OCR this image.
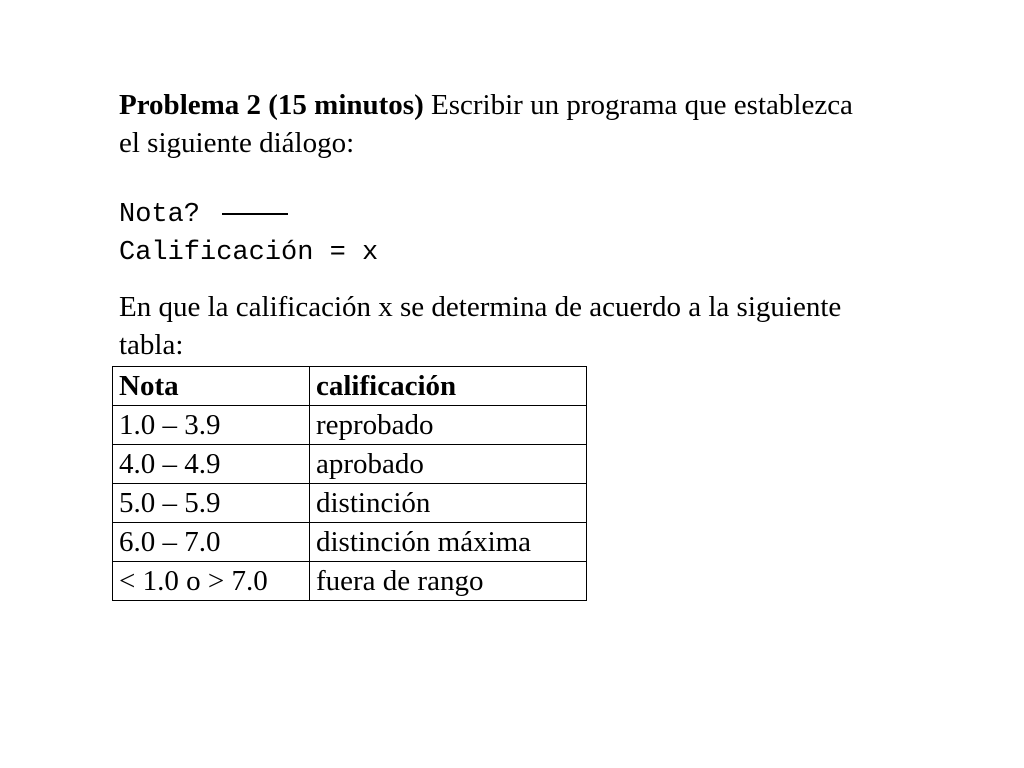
Problema 2 (15 minutos) Escribir un programa que establezca el siguiente diálogo:
Nota?
Calificación = x
En que la calificación x se determina de acuerdo a la siguiente tabla:
Nota	calificación
1.0 – 3.9	reprobado
4.0 – 4.9	aprobado
5.0 – 5.9	distinción
6.0 – 7.0	distinción máxima
< 1.0 o > 7.0	fuera de rango
